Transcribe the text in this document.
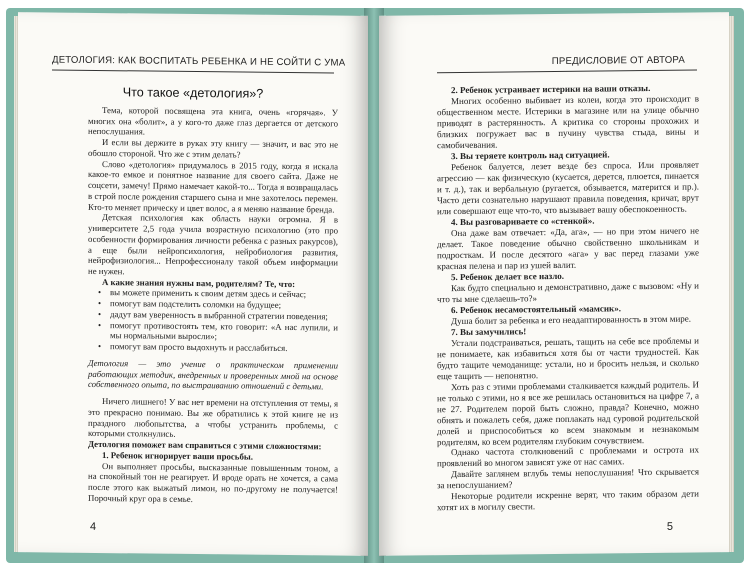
ДЕТОЛОГИЯ: КАК ВОСПИТАТЬ РЕБЕНКА И НЕ СОЙТИ С УМА
Что такое «детология»?

Тема, которой посвящена эта книга, очень «горячая». У многих она «болит», а у кого-то даже глаз дергается от детского непослушания.

И если вы держите в руках эту книгу — значит, и вас это не обошло стороной. Что же с этим делать?

Слово «детология» придумалось в 2015 году, когда я искала какое-то емкое и понятное название для своего сайта. Даже не соцсети, замечу! Прямо намечает какой-то... Тогда я возвращалась в строй после рождения старшего сына и мне захотелось перемен. Кто-то меняет прическу и цвет волос, а я меняю название бренда.

Детская психология как область науки огромна. Я в университете 2,5 года учила возрастную психологию (это про особенности формирования личности ребенка с разных ракурсов), а еще были нейропсихология, нейробиология развития, нейрофизиология... Непрофессионалу такой объем информации не нужен.

А какие знания нужны вам, родителям? Те, что:

• вы можете применить к своим детям здесь и сейчас;
• помогут вам подстелить соломки на будущее;
• дадут вам уверенность в выбранной стратегии поведения;
• помогут противостоять тем, кто говорит: «А нас лупили, и мы нормальными выросли»;
• помогут вам просто выдохнуть и расслабиться.

Детология — это учение о практическом применении работающих методик, внедренных и проверенных мной на основе собственного опыта, по выстраиванию отношений с детьми.

Ничего лишнего! У вас нет времени на отступления от темы, я это прекрасно понимаю. Вы же обратились к этой книге не из праздного любопытства, а чтобы устранить проблемы, с которыми столкнулись.

Детология поможет вам справиться с этими сложностями:

1. Ребенок игнорирует ваши просьбы.

Он выполняет просьбы, высказанные повышенным тоном, а на спокойный тон не реагирует. И вроде орать не хочется, а сама после этого как выжатый лимон, но по-другому не получается! Порочный круг ора в семье.

4
ПРЕДИСЛОВИЕ ОТ АВТОРА

2. Ребенок устраивает истерики на ваши отказы.

Многих особенно выбивает из колеи, когда это происходит в общественном месте. Истерики в магазине или на улице обычно приводят в растерянность. А критика со стороны прохожих и близких погружает вас в пучину чувства стыда, вины и самобичевания.

3. Вы теряете контроль над ситуацией.

Ребенок балуется, лезет везде без спроса. Или проявляет агрессию — как физическую (кусается, дерется, плюется, пинается и т. д.), так и вербальную (ругается, обзывается, матерится и пр.). Часто дети сознательно нарушают правила поведения, кричат, врут или совершают еще что-то, что вызывает вашу обеспокоенность.

4. Вы разговариваете со «стенкой».

Она даже вам отвечает: «Да, ага», — но при этом ничего не делает. Такое поведение обычно свойственно школьникам и подросткам. И после десятого «ага» у вас перед глазами уже красная пелена и пар из ушей валит.

5. Ребенок делает все назло.

Как будто специально и демонстративно, даже с вызовом: «Ну и что ты мне сделаешь-то?»

6. Ребенок несамостоятельный «мамсик».

Душа болит за ребенка и его неадаптированность в этом мире.

7. Вы замучились!

Устали подстраиваться, решать, тащить на себе все проблемы и не понимаете, как избавиться хотя бы от части трудностей. Как будто тащите чемоданище: устали, но и бросить нельзя, и сколько еще тащить — непонятно.

Хоть раз с этими проблемами сталкивается каждый родитель. И не только с этими, но я все же решилась остановиться на цифре 7, а не 27. Родителем порой быть сложно, правда? Конечно, можно обнять и пожалеть себя, даже поплакать над суровой родительской долей и приспособиться ко всем знакомым и незнакомым родителям, ко всем родителям глубоким сочувствием.

Однако частота столкновений с проблемами и острота их проявлений во многом зависят уже от нас самих.

Давайте заглянем вглубь темы непослушания! Что скрывается за непослушанием?

Некоторые родители искренне верят, что таким образом дети хотят их в могилу свести.

5
